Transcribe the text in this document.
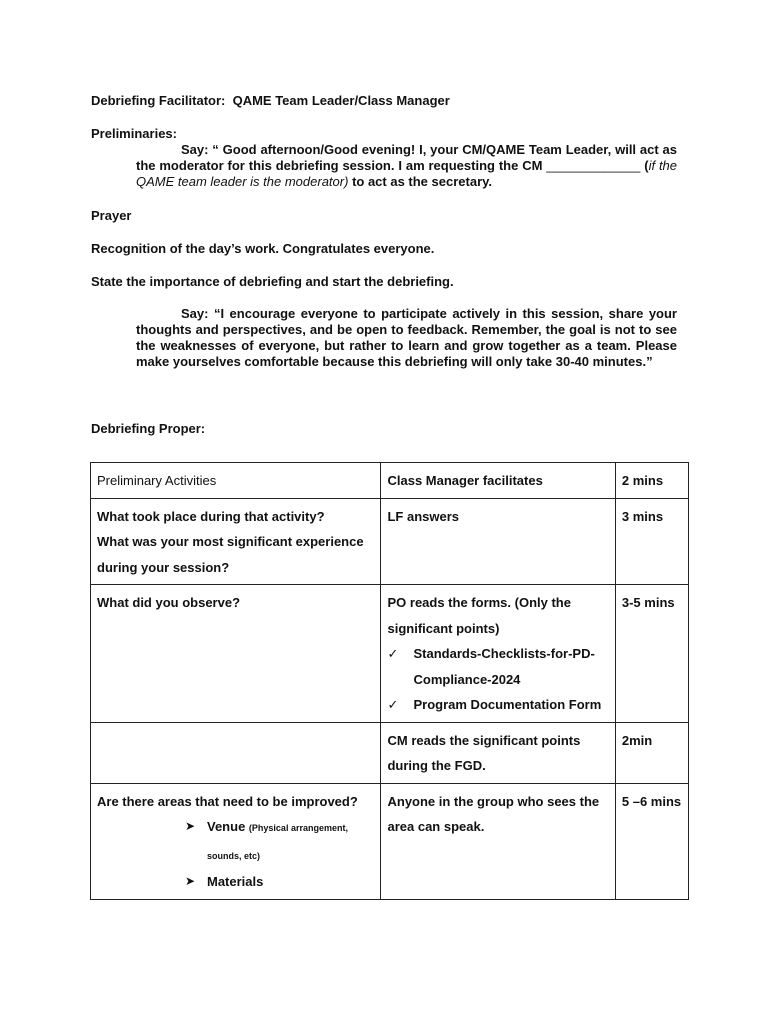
Debriefing Facilitator: QAME Team Leader/Class Manager
Preliminaries:
Say: “ Good afternoon/Good evening! I, your CM/QAME Team Leader, will act as the moderator for this debriefing session. I am requesting the CM _____________ (if the QAME team leader is the moderator) to act as the secretary.
Prayer
Recognition of the day’s work. Congratulates everyone.
State the importance of debriefing and start the debriefing.
Say: “I encourage everyone to participate actively in this session, share your thoughts and perspectives, and be open to feedback. Remember, the goal is not to see the weaknesses of everyone, but rather to learn and grow together as a team. Please make yourselves comfortable because this debriefing will only take 30-40 minutes.”
Debriefing Proper:
Preliminary Activities	Class Manager facilitates	2 mins

What took place during that activity?
What was your most significant experience during your session?	LF answers	3 mins
What did you observe?	PO reads the forms. (Only the significant points)
✓ Standards-Checklists-for-PD-Compliance-2024
✓ Program Documentation Form	3-5 mins
	CM reads the significant points during the FGD.	2min

Are there areas that need to be improved?
➤ Venue (Physical arrangement, sounds, etc)
➤ Materials	Anyone in the group who sees the area can speak.	5 –6 mins
